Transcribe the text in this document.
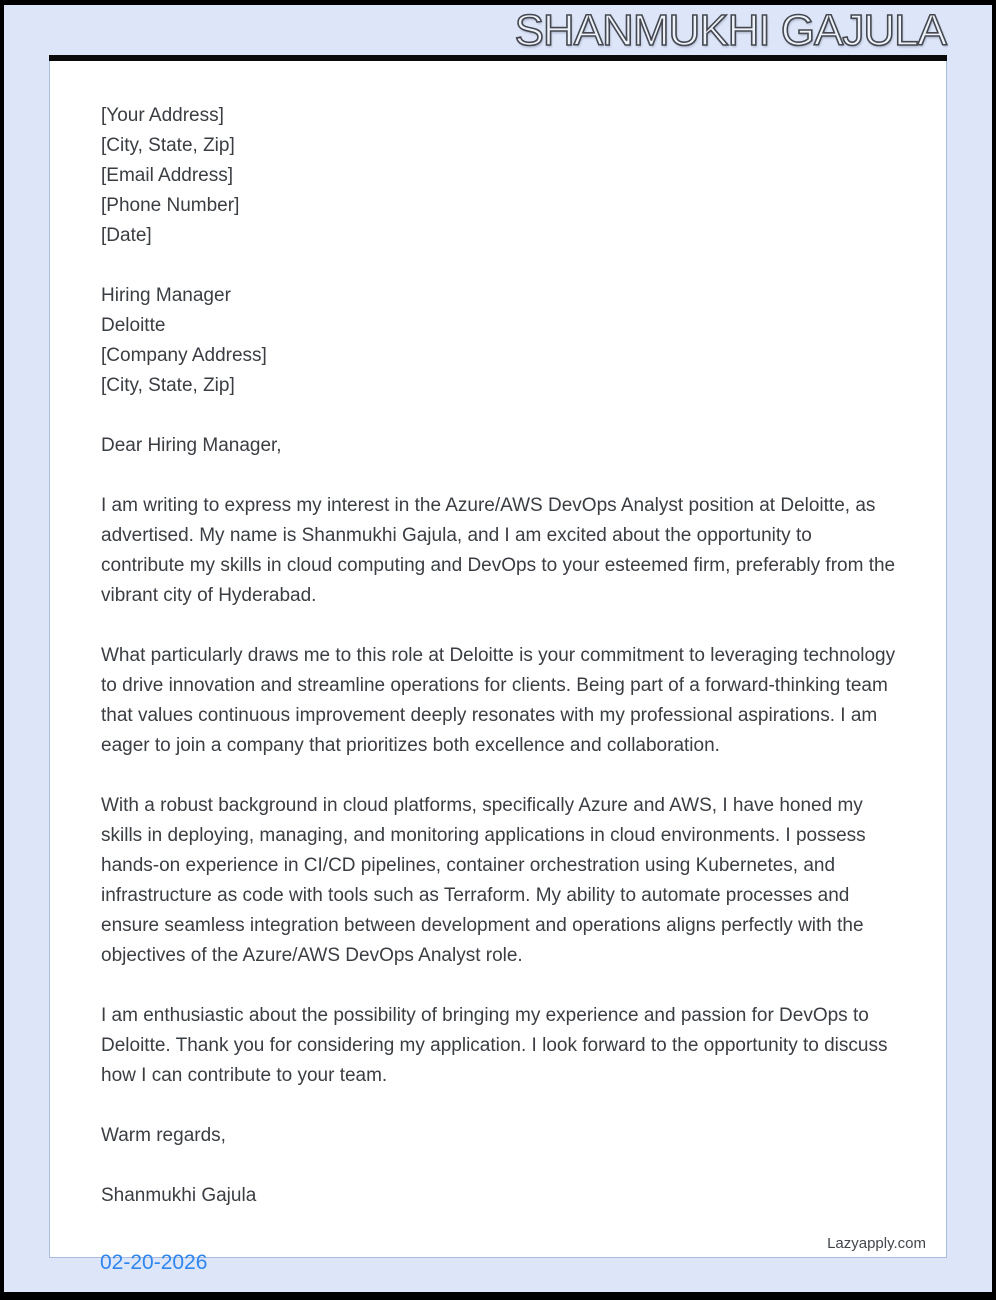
SHANMUKHI GAJULA
[Your Address]
[City, State, Zip]
[Email Address]
[Phone Number]
[Date]
Hiring Manager
Deloitte
[Company Address]
[City, State, Zip]
Dear Hiring Manager,
I am writing to express my interest in the Azure/AWS DevOps Analyst position at Deloitte, as advertised. My name is Shanmukhi Gajula, and I am excited about the opportunity to contribute my skills in cloud computing and DevOps to your esteemed firm, preferably from the vibrant city of Hyderabad.
What particularly draws me to this role at Deloitte is your commitment to leveraging technology to drive innovation and streamline operations for clients. Being part of a forward-thinking team that values continuous improvement deeply resonates with my professional aspirations. I am eager to join a company that prioritizes both excellence and collaboration.
With a robust background in cloud platforms, specifically Azure and AWS, I have honed my skills in deploying, managing, and monitoring applications in cloud environments. I possess hands-on experience in CI/CD pipelines, container orchestration using Kubernetes, and infrastructure as code with tools such as Terraform. My ability to automate processes and ensure seamless integration between development and operations aligns perfectly with the objectives of the Azure/AWS DevOps Analyst role.
I am enthusiastic about the possibility of bringing my experience and passion for DevOps to Deloitte. Thank you for considering my application. I look forward to the opportunity to discuss how I can contribute to your team.
Warm regards,
Shanmukhi Gajula
Lazyapply.com
02-20-2026
